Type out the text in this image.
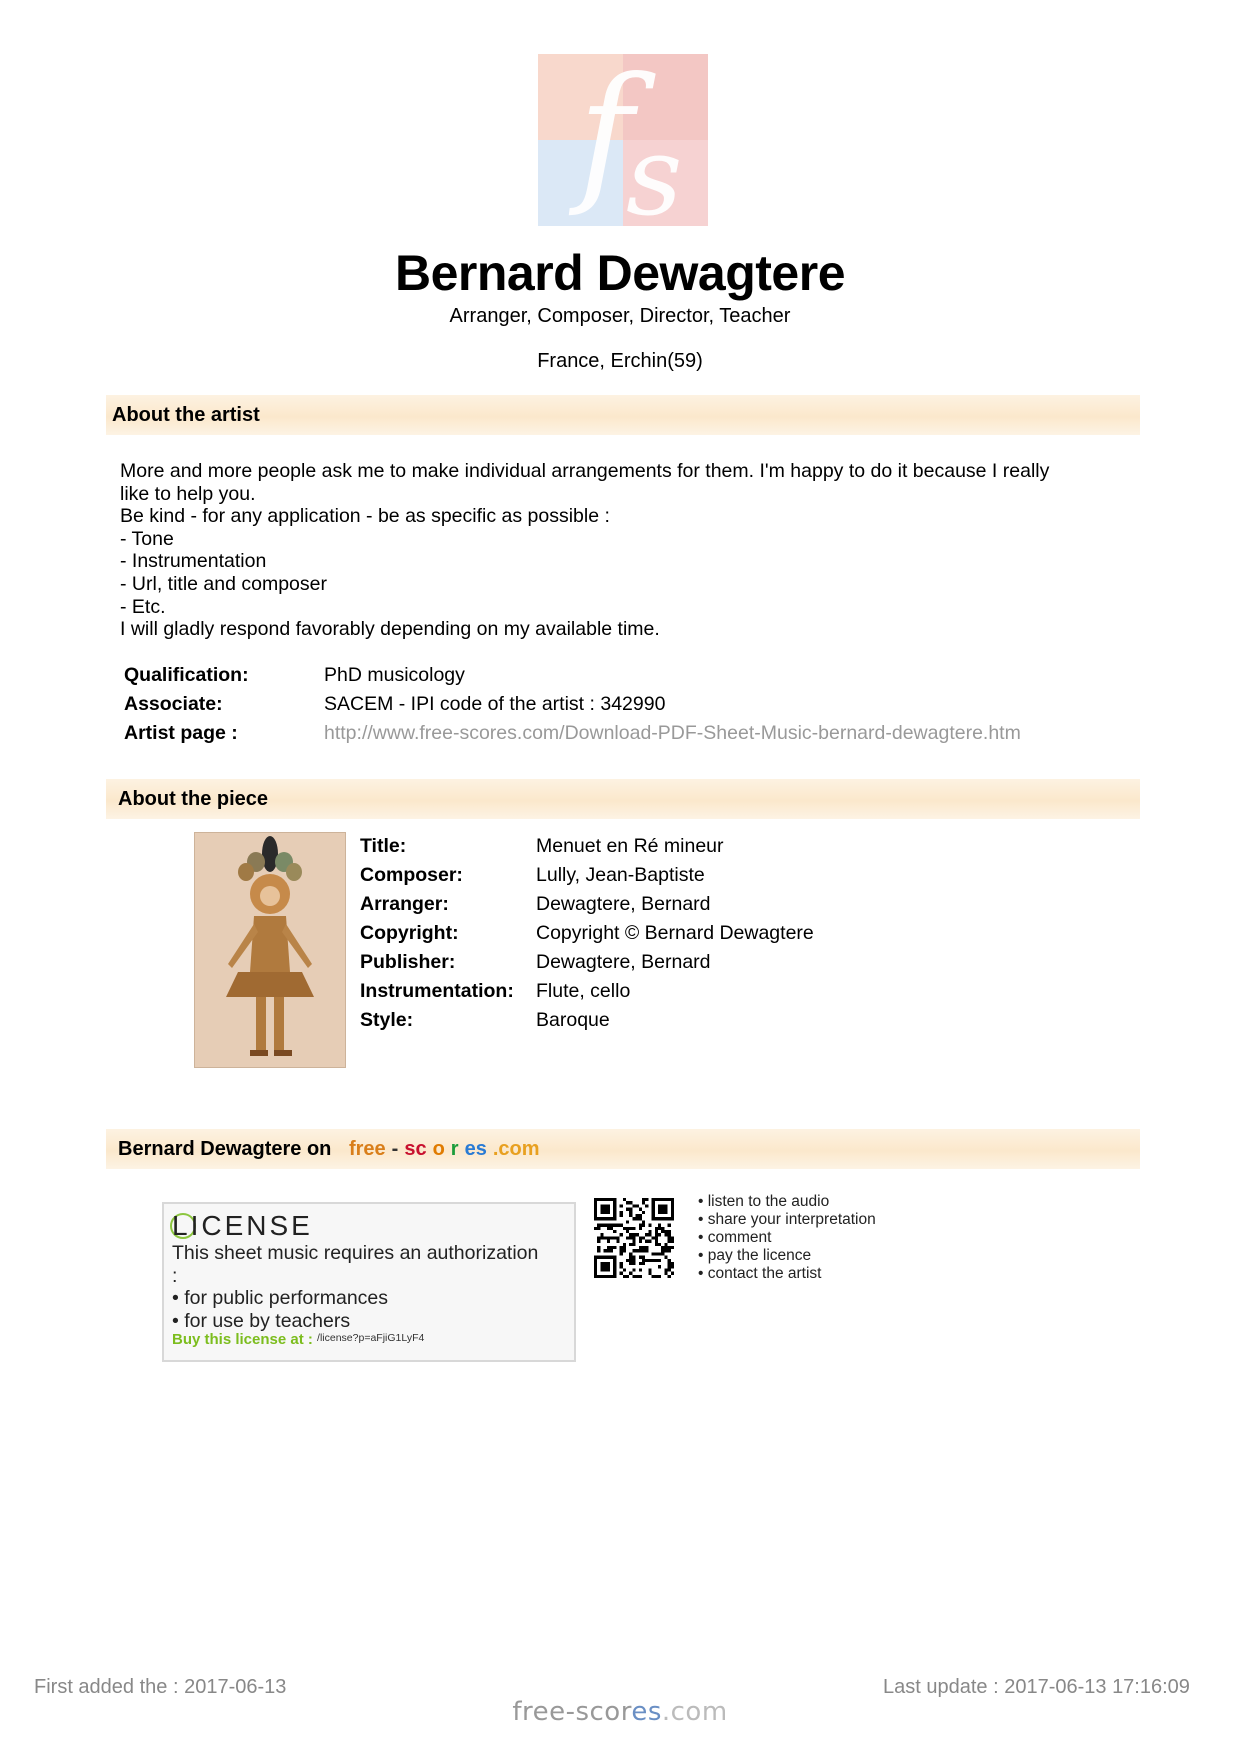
f
s
Bernard Dewagtere
Arranger, Composer, Director, Teacher
France, Erchin(59)
About the artist
More and more people ask me to make individual arrangements for them. I'm happy to do it because I really
like to help you.
Be kind - for any application - be as specific as possible :
- Tone
- Instrumentation
- Url, title and composer
- Etc.
I will gladly respond favorably depending on my available time.
Qualification:	PhD musicology
Associate:	SACEM - IPI code of the artist : 342990
Artist page :	http://www.free-scores.com/Download-PDF-Sheet-Music-bernard-dewagtere.htm
About the piece
Title:	Menuet en Ré mineur
Composer:	Lully, Jean-Baptiste
Arranger:	Dewagtere, Bernard
Copyright:	Copyright © Bernard Dewagtere
Publisher:	Dewagtere, Bernard
Instrumentation: Flute, cello
Style:	Baroque
Bernard Dewagtere on free - sc o r es .com
LICENSE
This sheet music requires an authorization
:
• for public performances
• for use by teachers
Buy this license at : $^{/license?p=aFjiG1LyF4}$
• listen to the audio
• share your interpretation
• comment
• pay the licence
• contact the artist
First added the : 2017-06-13	Last update : 2017-06-13 17:16:09
free-scores.com
